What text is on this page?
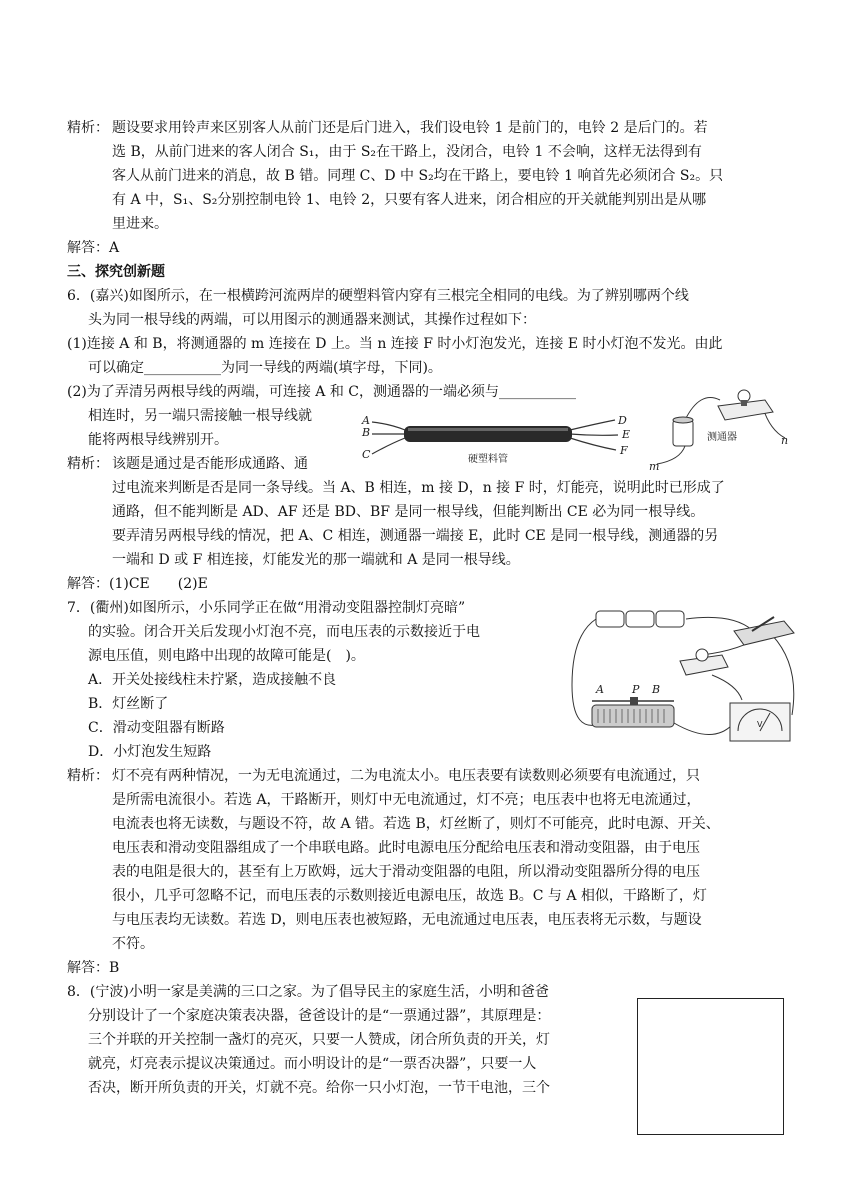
精析： 题设要求用铃声来区别客人从前门还是后门进入，我们设电铃 1 是前门的，电铃 2 是后门的。若
选 B，从前门进来的客人闭合 S₁，由于 S₂在干路上，没闭合，电铃 1 不会响，这样无法得到有
客人从前门进来的消息，故 B 错。同理 C、D 中 S₂均在干路上，要电铃 1 响首先必须闭合 S₂。只
有 A 中，S₁、S₂分别控制电铃 1、电铃 2，只要有客人进来，闭合相应的开关就能判别出是从哪
里进来。
解答：A
三、探究创新题
6．(嘉兴)如图所示，在一根横跨河流两岸的硬塑料管内穿有三根完全相同的电线。为了辨别哪两个线
头为同一根导线的两端，可以用图示的测通器来测试，其操作过程如下：
(1)连接 A 和 B，将测通器的 m 连接在 D 上。当 n 连接 F 时小灯泡发光，连接 E 时小灯泡不发光。由此
可以确定___________为同一导线的两端(填字母，下同)。
(2)为了弄清另两根导线的两端，可连接 A 和 C，测通器的一端必须与___________
相连时，另一端只需接触一根导线就
能将两根导线辨别开。
A
B
C
D
E
F
硬塑料管
测通器
m
n
精析： 该题是通过是否能形成通路、通
过电流来判断是否是同一条导线。当 A、B 相连，m 接 D，n 接 F 时，灯能亮，说明此时已形成了
通路，但不能判断是 AD、AF 还是 BD、BF 是同一根导线，但能判断出 CE 必为同一根导线。
要弄清另两根导线的情况，把 A、C 相连，测通器一端接 E，此时 CE 是同一根导线，测通器的另
一端和 D 或 F 相连接，灯能发光的那一端就和 A 是同一根导线。
解答：(1)CE　　(2)E
7．(衢州)如图所示，小乐同学正在做“用滑动变阻器控制灯亮暗”
的实验。闭合开关后发现小灯泡不亮，而电压表的示数接近于电
源电压值，则电路中出现的故障可能是(　)。
A．开关处接线柱未拧紧，造成接触不良
B．灯丝断了
C．滑动变阻器有断路
D．小灯泡发生短路
A	P B
V
精析： 灯不亮有两种情况，一为无电流通过，二为电流太小。电压表要有读数则必须要有电流通过，只
是所需电流很小。若选 A，干路断开，则灯中无电流通过，灯不亮；电压表中也将无电流通过，
电流表也将无读数，与题设不符，故 A 错。若选 B，灯丝断了，则灯不可能亮，此时电源、开关、
电压表和滑动变阻器组成了一个串联电路。此时电源电压分配给电压表和滑动变阻器，由于电压
表的电阻是很大的，甚至有上万欧姆，远大于滑动变阻器的电阻，所以滑动变阻器所分得的电压
很小，几乎可忽略不记，而电压表的示数则接近电源电压，故选 B。C 与 A 相似，干路断了，灯
与电压表均无读数。若选 D，则电压表也被短路，无电流通过电压表，电压表将无示数，与题设
不符。
解答：B
8．(宁波)小明一家是美满的三口之家。为了倡导民主的家庭生活，小明和爸爸
分别设计了一个家庭决策表决器，爸爸设计的是“一票通过器”，其原理是：
三个并联的开关控制一盏灯的亮灭，只要一人赞成，闭合所负责的开关，灯
就亮，灯亮表示提议决策通过。而小明设计的是“一票否决器”，只要一人
否决，断开所负责的开关，灯就不亮。给你一只小灯泡，一节干电池，三个
